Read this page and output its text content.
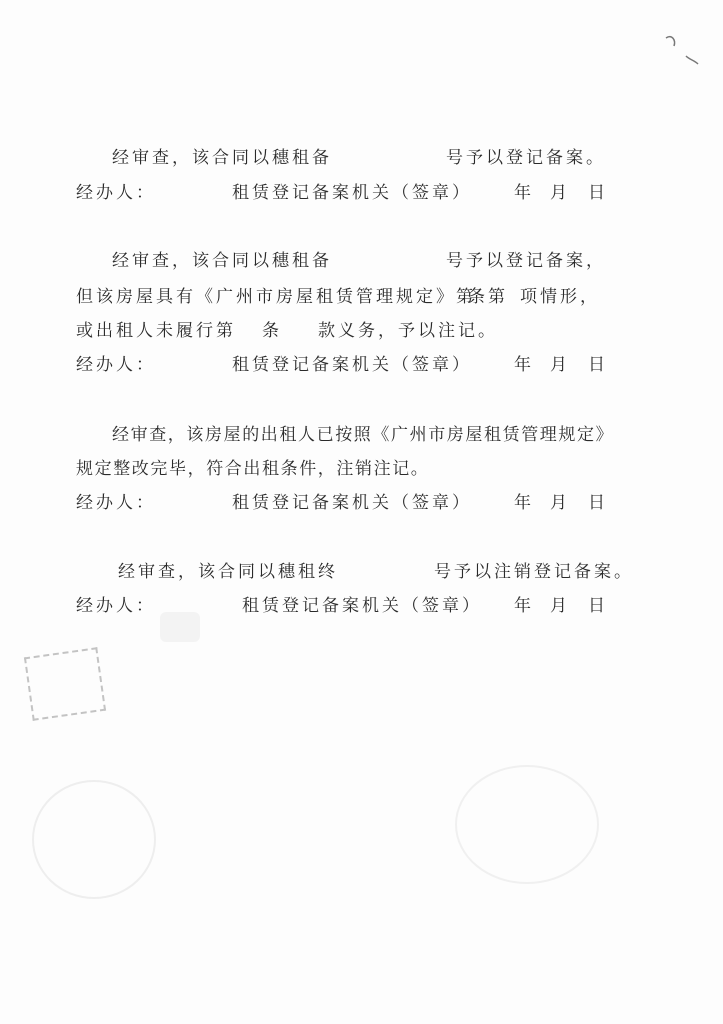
经审查，该合同以穗租备	号予以登记备案。
经办人：	租赁登记备案机关（签章） 年 月 日
经审查，该合同以穗租备	号予以登记备案，
但该房屋具有《广州市房屋租赁管理规定》第
条第 项情形，
或出租人未履行第 条 款义务，予以注记。
经办人：	租赁登记备案机关（签章） 年 月 日
经审查，该房屋的出租人已按照《广州市房屋租赁管理规定》
规定整改完毕，符合出租条件，注销注记。
经办人：	租赁登记备案机关（签章） 年 月 日
经审查，该合同以穗租终	号予以注销登记备案。
经办人：	租赁登记备案机关（签章） 年 月 日
